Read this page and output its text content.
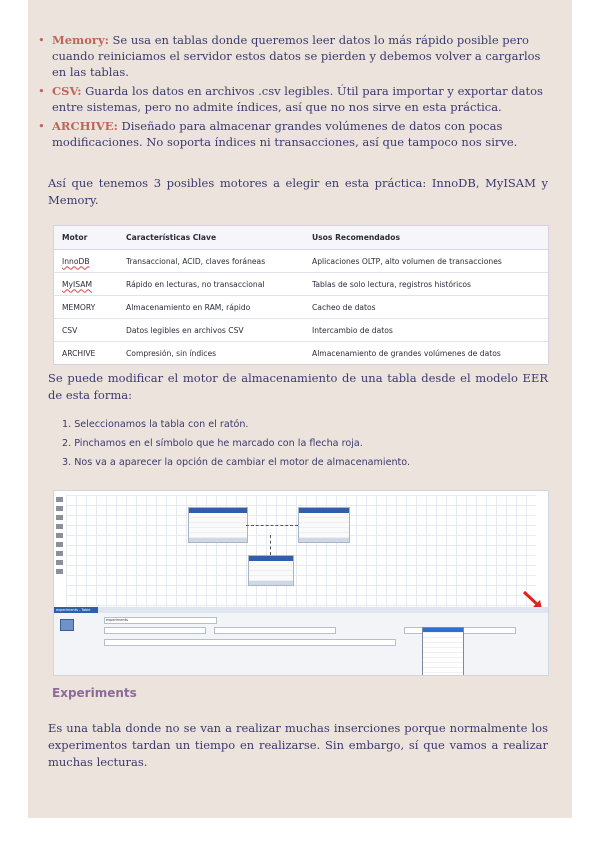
• Memory: Se usa en tablas donde queremos leer datos lo más rápido posible pero cuando reiniciamos el servidor estos datos se pierden y debemos volver a cargarlos en las tablas.
• CSV: Guarda los datos en archivos .csv legibles. Útil para importar y exportar datos entre sistemas, pero no admite índices, así que no nos sirve en esta práctica.
• ARCHIVE: Diseñado para almacenar grandes volúmenes de datos con pocas modificaciones. No soporta índices ni transacciones, así que tampoco nos sirve.
Así que tenemos 3 posibles motores a elegir en esta práctica: InnoDB, MyISAM y Memory.
Motor	Características Clave	Usos Recomendados
InnoDB	Transaccional, ACID, claves foráneas	Aplicaciones OLTP, alto volumen de transacciones
MyISAM	Rápido en lecturas, no transaccional	Tablas de solo lectura, registros históricos
MEMORY	Almacenamiento en RAM, rápido	Cacheo de datos
CSV	Datos legibles en archivos CSV	Intercambio de datos
ARCHIVE	Compresión, sin índices	Almacenamiento de grandes volúmenes de datos
Se puede modificar el motor de almacenamiento de una tabla desde el modelo EER de esta forma:
1. Seleccionamos la tabla con el ratón.
2. Pinchamos en el símbolo que he marcado con la flecha roja.
3. Nos va a aparecer la opción de cambiar el motor de almacenamiento.
experiments - Table
experiments
Experiments
Es una tabla donde no se van a realizar muchas inserciones porque normalmente los experimentos tardan un tiempo en realizarse. Sin embargo, sí que vamos a realizar muchas lecturas.
